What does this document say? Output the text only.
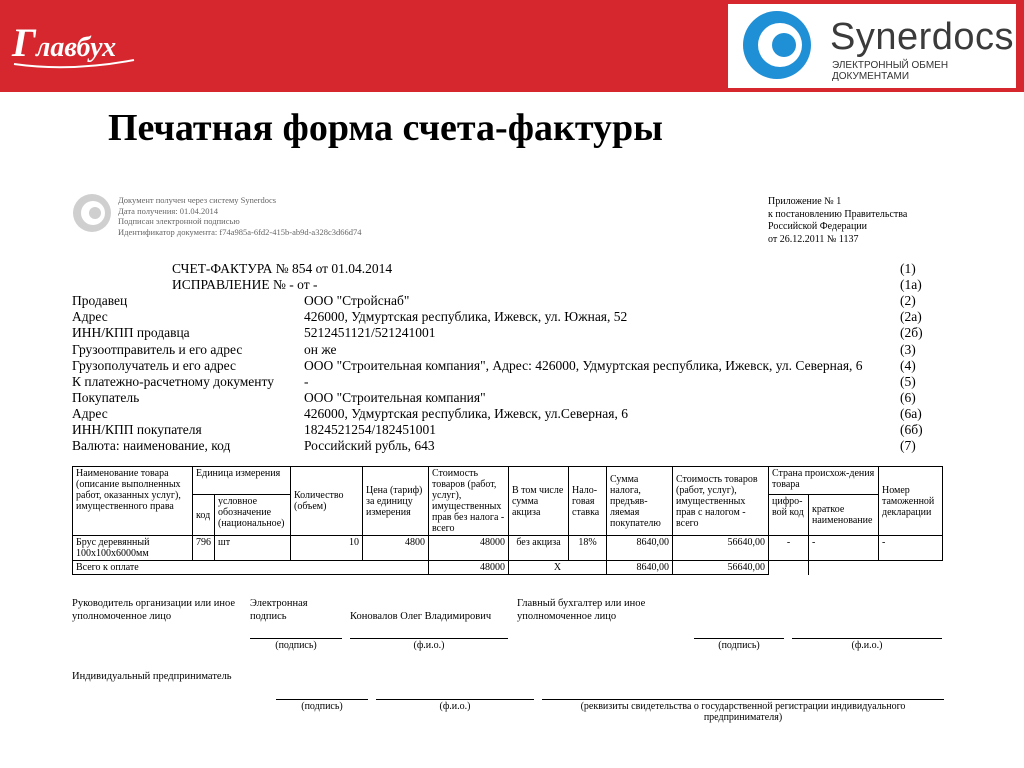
Г лавбух	Synerdocs
ЭЛЕКТРОННЫЙ ОБМЕН ДОКУМЕНТАМИ
Печатная форма счета-фактуры
Документ получен через систему Synerdocs
Дата получения: 01.04.2014
Подписан электронной подписью
Идентификатор документа: f74a985a-6fd2-415b-ab9d-a328c3d66d74
Приложение № 1
к постановлению Правительства
Российской Федерации
от 26.12.2011 № 1137
СЧЕТ-ФАКТУРА № 854 от 01.04.2014	(1)
ИСПРАВЛЕНИЕ № - от -	(1а)
Продавец	ООО "Стройснаб"	(2)
Адрес	426000, Удмуртская республика, Ижевск, ул. Южная, 52	(2а)
ИНН/КПП продавца	5212451121/521241001	(2б)
Грузоотправитель и его адрес	он же	(3)
Грузополучатель и его адрес	ООО "Строительная компания", Адрес: 426000, Удмуртская республика, Ижевск, ул. Северная, 6	(4)
К платежно-расчетному документу -	(5)
Покупатель	ООО "Строительная компания"	(6)
Адрес	426000, Удмуртская республика, Ижевск, ул.Северная, 6	(6а)
ИНН/КПП покупателя	1824521254/182451001	(6б)
Валюта: наименование, код	Российский рубль, 643	(7)
Наименование товара (описание выполненных работ, оказанных услуг), имущественного права	Единица измерения		Количество (объем)	Цена (тариф) за единицу измерения	Стоимость товаров (работ, услуг), имущественных прав без налога - всего	В том числе сумма акциза	Нало-говая ставка	Сумма налога, предъяв-ляемая покупателю	Стоимость товаров (работ, услуг), имущественных прав с налогом - всего	Страна происхож-дения товара		Номер таможенной декларации
	код	условное обозначение (национальное)								цифро-вой код	краткое наименование	
Брус деревянный 100х100х6000мм	796	шт	10	4800	48000	без акциза	18%	8640,00	56640,00	-	-	-
Всего к оплате					48000	X		8640,00	56640,00			
Руководитель организации или иное уполномоченное лицо
Электронная подпись	Коновалов Олег Владимирович
Главный бухгалтер или иное уполномоченное лицо
(подпись)	(ф.и.о.)	(подпись)	(ф.и.о.)
Индивидуальный предприниматель
(подпись)	(ф.и.о.)	(реквизиты свидетельства о государственной регистрации индивидуального предпринимателя)
